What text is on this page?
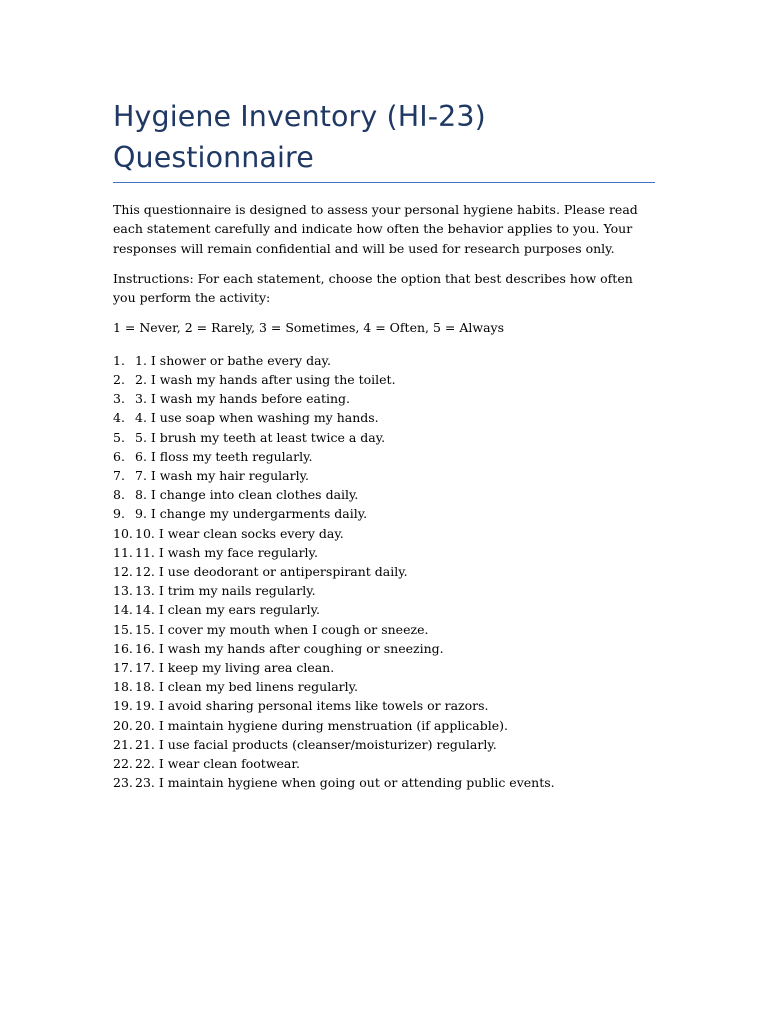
Hygiene Inventory (HI-23)
Questionnaire

This questionnaire is designed to assess your personal hygiene habits. Please read each statement carefully and indicate how often the behavior applies to you. Your responses will remain confidential and will be used for research purposes only.

Instructions: For each statement, choose the option that best describes how often you perform the activity:

1 = Never, 2 = Rarely, 3 = Sometimes, 4 = Often, 5 = Always

1. 1. I shower or bathe every day.
2. 2. I wash my hands after using the toilet.
3. 3. I wash my hands before eating.
4. 4. I use soap when washing my hands.
5. 5. I brush my teeth at least twice a day.
6. 6. I floss my teeth regularly.
7. 7. I wash my hair regularly.
8. 8. I change into clean clothes daily.
9. 9. I change my undergarments daily.
10. 10. I wear clean socks every day.
11. 11. I wash my face regularly.
12. 12. I use deodorant or antiperspirant daily.
13. 13. I trim my nails regularly.
14. 14. I clean my ears regularly.
15. 15. I cover my mouth when I cough or sneeze.
16. 16. I wash my hands after coughing or sneezing.
17. 17. I keep my living area clean.
18. 18. I clean my bed linens regularly.
19. 19. I avoid sharing personal items like towels or razors.
20. 20. I maintain hygiene during menstruation (if applicable).
21. 21. I use facial products (cleanser/moisturizer) regularly.
22. 22. I wear clean footwear.
23. 23. I maintain hygiene when going out or attending public events.
